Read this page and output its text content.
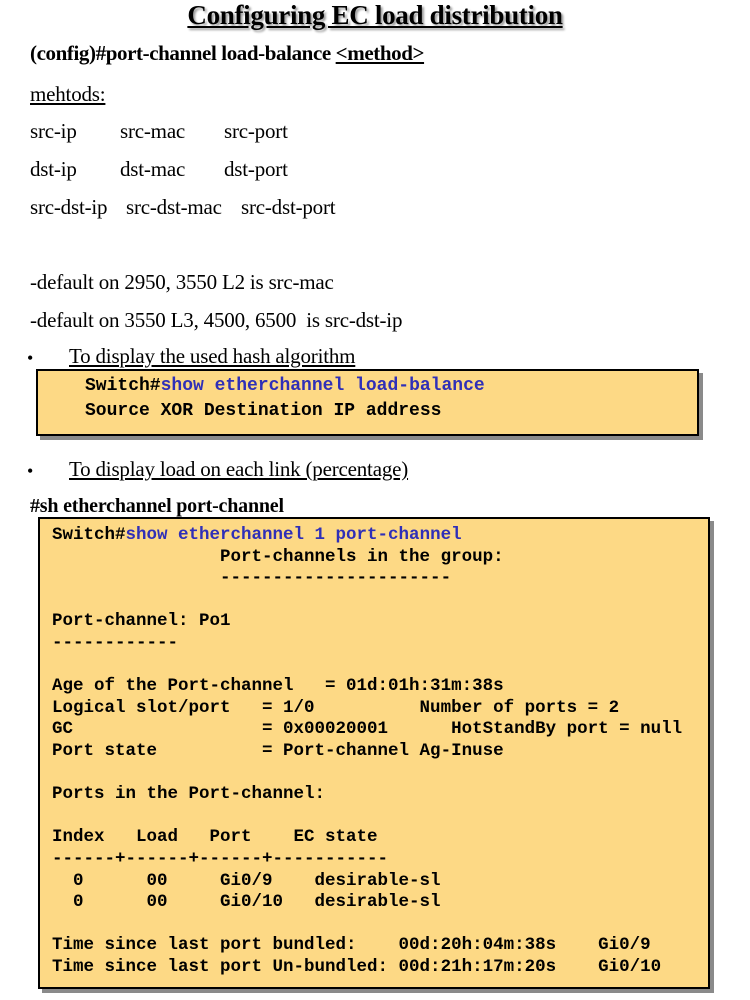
Configuring EC load distribution
(config)#port-channel load-balance <method>
mehtods:
src-ip src-mac src-port
dst-ip dst-mac dst-port
src-dst-ip src-dst-mac src-dst-port
-default on 2950, 3550 L2 is src-mac
-default on 3550 L3, 4500, 6500  is src-dst-ip
• To display the used hash algorithm
Switch#show etherchannel load-balance
Source XOR Destination IP address
• To display load on each link (percentage)
#sh etherchannel port-channel
Switch#show etherchannel 1 port-channel
Port-channels in the group:
----------------------
Port-channel: Po1
------------
Age of the Port-channel   = 01d:01h:31m:38s
Logical slot/port   = 1/0          Number of ports = 2
GC                  = 0x00020001      HotStandBy port = null
Port state          = Port-channel Ag-Inuse
Ports in the Port-channel:
Index   Load   Port    EC state
------+------+------+-----------
0      00     Gi0/9    desirable-sl
0      00     Gi0/10   desirable-sl
Time since last port bundled:    00d:20h:04m:38s    Gi0/9
Time since last port Un-bundled: 00d:21h:17m:20s    Gi0/10
